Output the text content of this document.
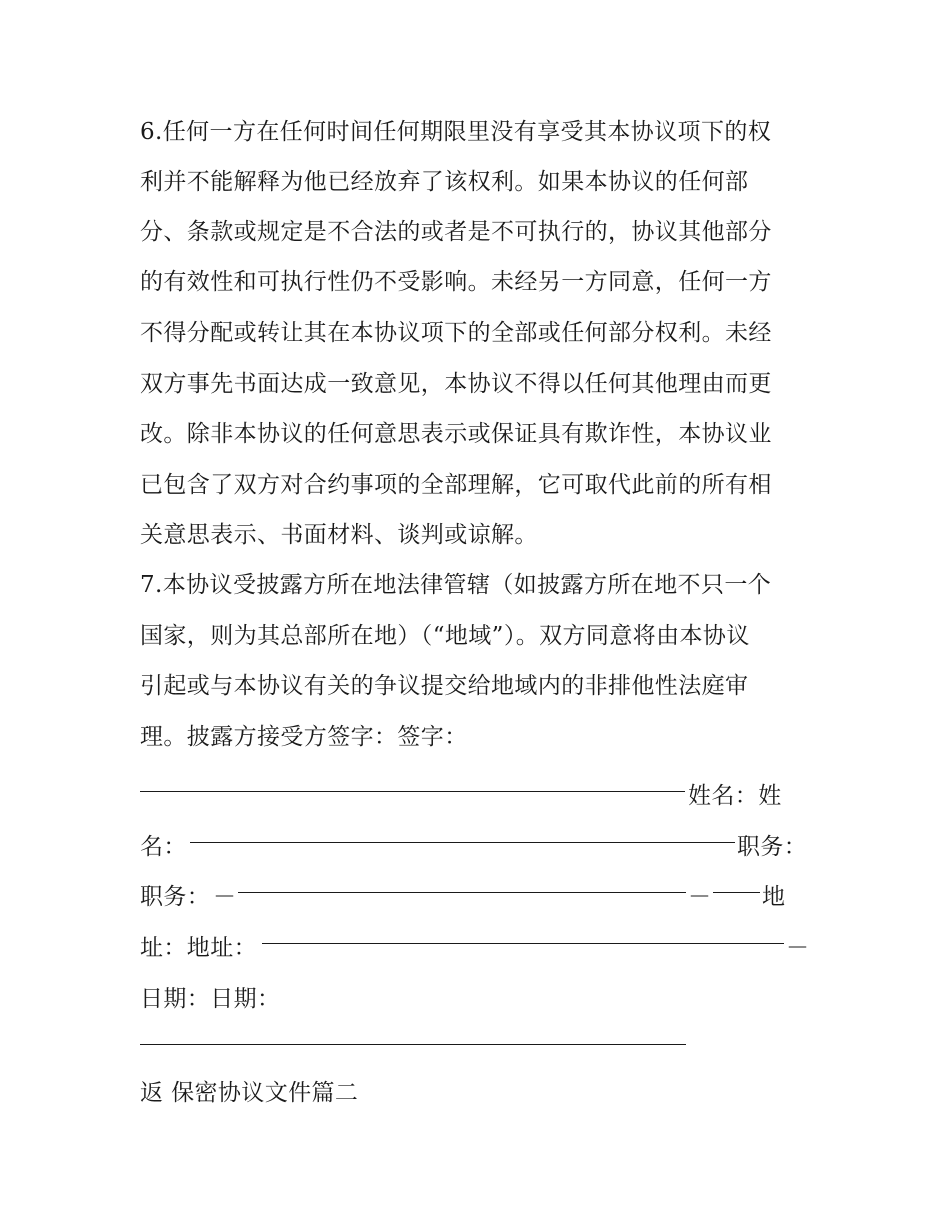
6.任何一方在任何时间任何期限里没有享受其本协议项下的权
利并不能解释为他已经放弃了该权利。如果本协议的任何部
分、条款或规定是不合法的或者是不可执行的，协议其他部分
的有效性和可执行性仍不受影响。未经另一方同意，任何一方
不得分配或转让其在本协议项下的全部或任何部分权利。未经
双方事先书面达成一致意见，本协议不得以任何其他理由而更
改。除非本协议的任何意思表示或保证具有欺诈性，本协议业
已包含了双方对合约事项的全部理解，它可取代此前的所有相
关意思表示、书面材料、谈判或谅解。
7.本协议受披露方所在地法律管辖（如披露方所在地不只一个
国家，则为其总部所在地）（“地域”）。双方同意将由本协议
引起或与本协议有关的争议提交给地域内的非排他性法庭审
理。披露方接受方签字：签字：
姓名：姓
名：	职务：
职务： －	－ 地
址：地址：	－
日期：日期：
返 保密协议文件篇二
